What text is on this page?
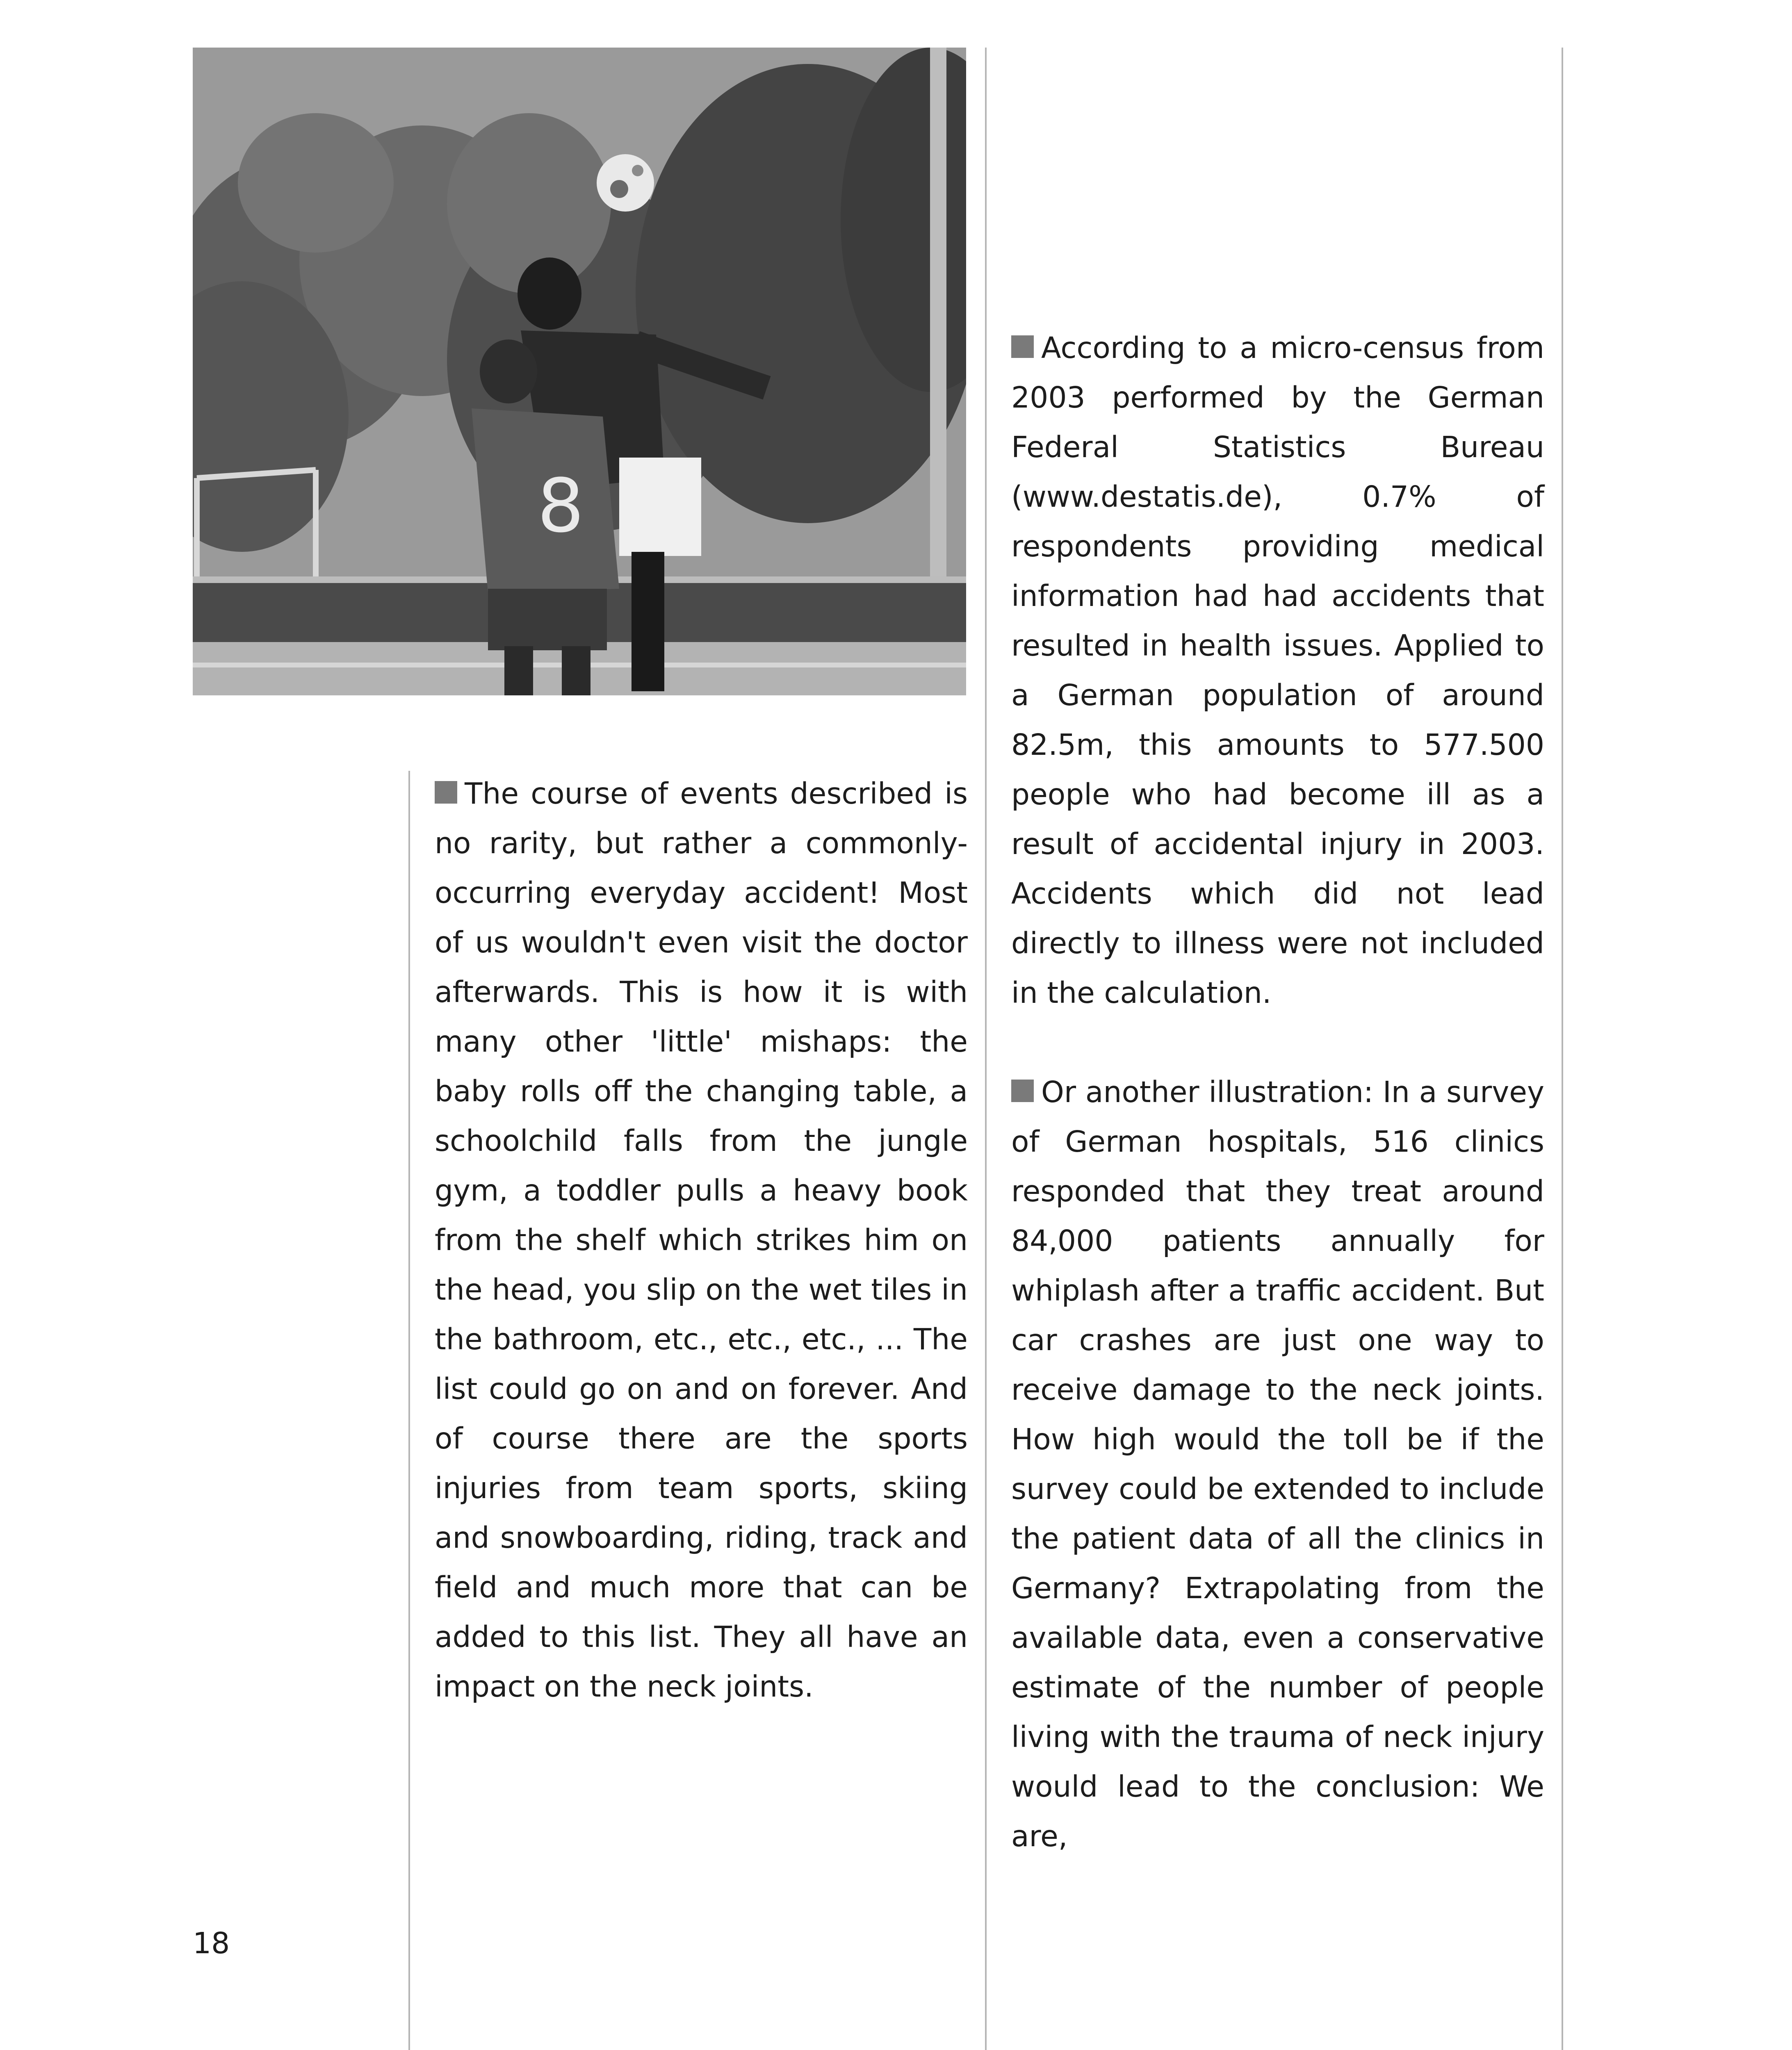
8

The course of events described is no rarity, but rather a commonly-occurring everyday accident! Most of us wouldn't even visit the doctor afterwards. This is how it is with many other 'little' mishaps: the baby rolls off the changing table, a schoolchild falls from the jungle gym, a toddler pulls a heavy book from the shelf which strikes him on the head, you slip on the wet tiles in the bathroom, etc., etc., etc., ... The list could go on and on forever. And of course there are the sports injuries from team sports, skiing and snowboarding, riding, track and field and much more that can be added to this list. They all have an impact on the neck joints.

According to a micro-census from 2003 performed by the German Federal Statistics Bureau (www.destatis.de), 0.7% of respondents providing medical information had had accidents that resulted in health issues. Applied to a German population of around 82.5m, this amounts to 577.500 people who had become ill as a result of accidental injury in 2003. Accidents which did not lead directly to illness were not included in the calculation.

Or another illustration: In a survey of German hospitals, 516 clinics responded that they treat around 84,000 patients annually for whiplash after a traffic accident. But car crashes are just one way to receive damage to the neck joints. How high would the toll be if the survey could be extended to include the patient data of all the clinics in Germany? Extrapolating from the available data, even a conservative estimate of the number of people living with the trauma of neck injury would lead to the conclusion: We are,

18
